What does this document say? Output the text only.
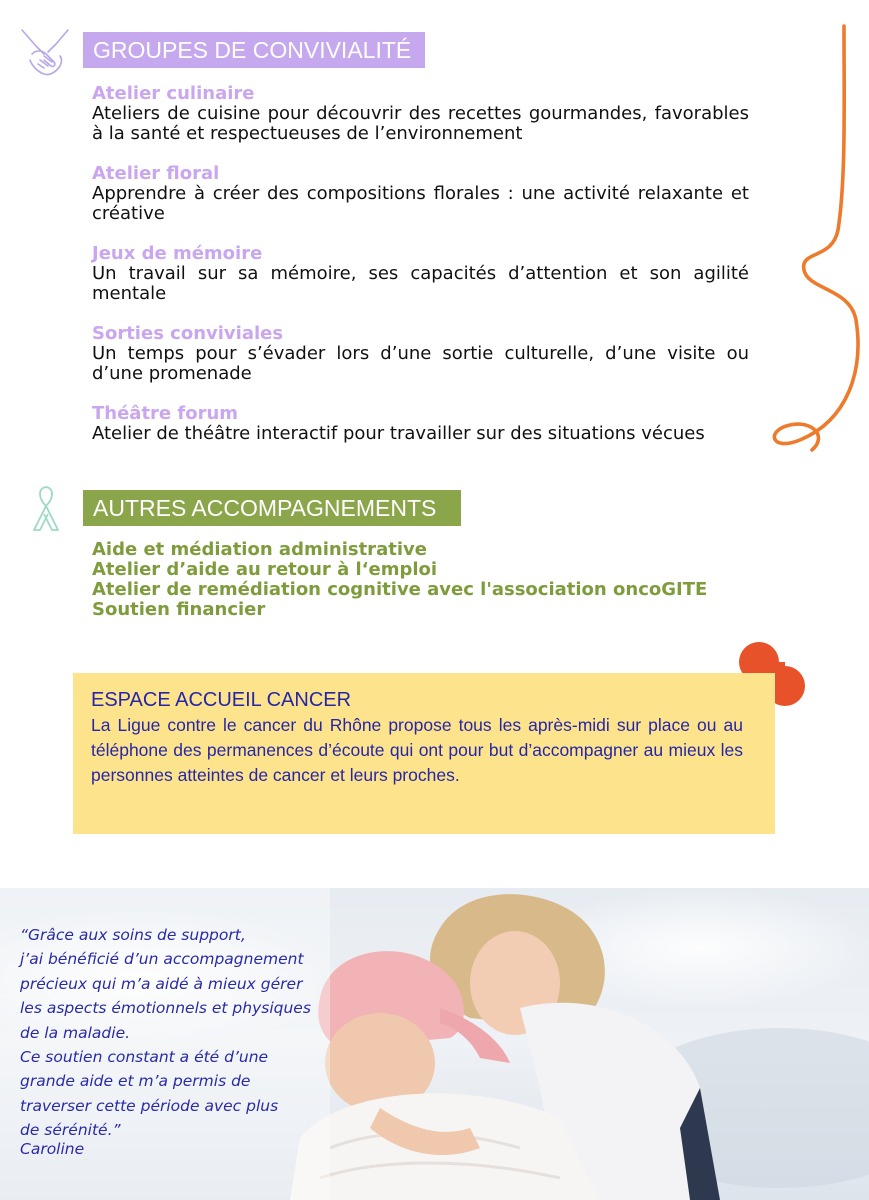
GROUPES DE CONVIVIALITÉ
Atelier culinaire
Ateliers de cuisine pour découvrir des recettes gourmandes, favorables à la santé et respectueuses de l’environnement
Atelier floral
Apprendre à créer des compositions florales : une activité relaxante et créative
Jeux de mémoire
Un travail sur sa mémoire, ses capacités d’attention et son agilité mentale
Sorties conviviales
Un temps pour s’évader lors d’une sortie culturelle, d’une visite ou d’une promenade
Théâtre forum
Atelier de théâtre interactif pour travailler sur des situations vécues
AUTRES ACCOMPAGNEMENTS
Aide et médiation administrative
Atelier d’aide au retour à l‘emploi
Atelier de remédiation cognitive avec l'association oncoGITE
Soutien financier
ESPACE ACCUEIL CANCER
La Ligue contre le cancer du Rhône propose tous les après-midi sur place ou au téléphone des permanences d’écoute qui ont pour but d’accompagner au mieux les personnes atteintes de cancer et leurs proches.
“Grâce aux soins de support,
j’ai bénéficié d’un accompagnement
précieux qui m’a aidé à mieux gérer
les aspects émotionnels et physiques
de la maladie.
Ce soutien constant a été d’une
grande aide et m’a permis de
traverser cette période avec plus
de sérénité.”
Caroline
